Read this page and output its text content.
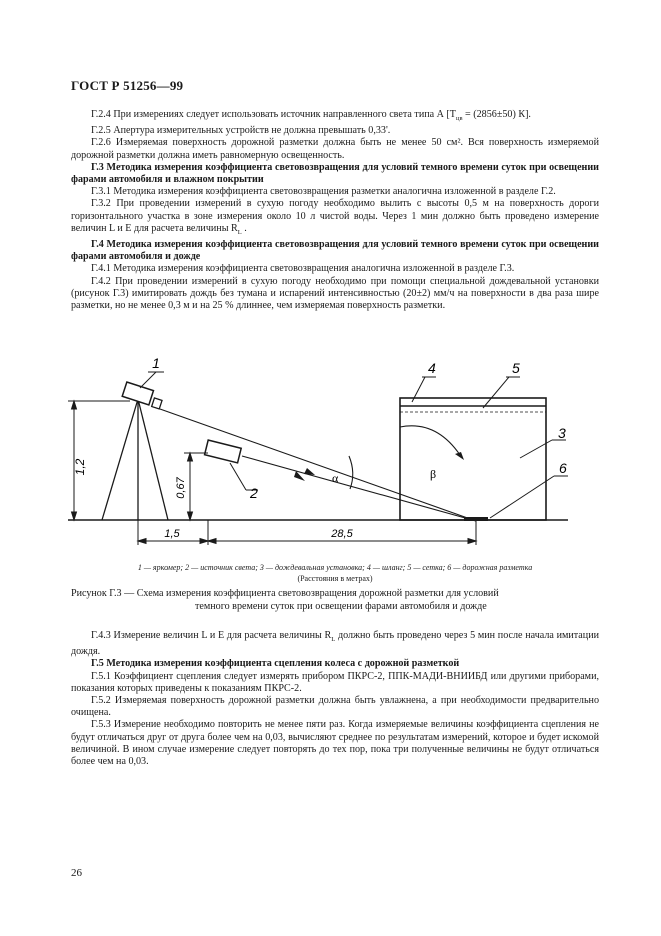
ГОСТ Р 51256—99

Г.2.4 При измерениях следует использовать источник направленного света типа А [$T_{цв} = (2856\pm 50)$ К].

Г.2.5 Апертура измерительных устройств не должна превышать 0,33'.

Г.2.6 Измеряемая поверхность дорожной разметки должна быть не менее 50 см². Вся поверхность измеряемой дорожной разметки должна иметь равномерную освещенность.

Г.3 Методика измерения коэффициента световозвращения для условий темного времени суток при освещении фарами автомобиля и влажном покрытии

Г.3.1 Методика измерения коэффициента световозвращения разметки аналогична изложенной в разделе Г.2.

Г.3.2 При проведении измерений в сухую погоду необходимо вылить с высоты 0,5 м на поверхность дороги горизонтального участка в зоне измерения около 10 л чистой воды. Через 1 мин должно быть проведено измерение величин L и E для расчета величины $R_L$ .

Г.4 Методика измерения коэффициента световозвращения для условий темного времени суток при освещении фарами автомобиля и дожде

Г.4.1 Методика измерения коэффициента световозвращения аналогична изложенной в разделе Г.3.

Г.4.2 При проведении измерений в сухую погоду необходимо при помощи специальной дождевальной установки (рисунок Г.3) имитировать дождь без тумана и испарений интенсивностью (20±2) мм/ч на поверхности в два раза шире разметки, но не менее 0,3 м и на 25 % длиннее, чем измеряемая поверхность разметки.

1,2
0,67
1,5	28,5
α	β
1
2
3
4	5
6
1 — яркомер; 2 — источник света; 3 — дождевальная установка; 4 — шланг; 5 — сетка; 6 — дорожная разметка
(Расстояния в метрах)
Рисунок Г.3 — Схема измерения коэффициента световозвращения дорожной разметки для условий
темного времени суток при освещении фарами автомобиля и дожде

Г.4.3 Измерение величин L и E для расчета величины $R_L$ должно быть проведено через 5 мин после начала имитации дождя.

Г.5 Методика измерения коэффициента сцепления колеса с дорожной разметкой

Г.5.1 Коэффициент сцепления следует измерять прибором ПКРС-2, ППК-МАДИ-ВНИИБД или другими приборами, показания которых приведены к показаниям ПКРС-2.

Г.5.2 Измеряемая поверхность дорожной разметки должна быть увлажнена, а при необходимости предварительно очищена.

Г.5.3 Измерение необходимо повторить не менее пяти раз. Когда измеряемые величины коэффициента сцепления не будут отличаться друг от друга более чем на 0,03, вычисляют среднее по результатам измерений, которое и будет искомой величиной. В ином случае измерение следует повторять до тех пор, пока три полученные величины не будут отличаться более чем на 0,03.

26
